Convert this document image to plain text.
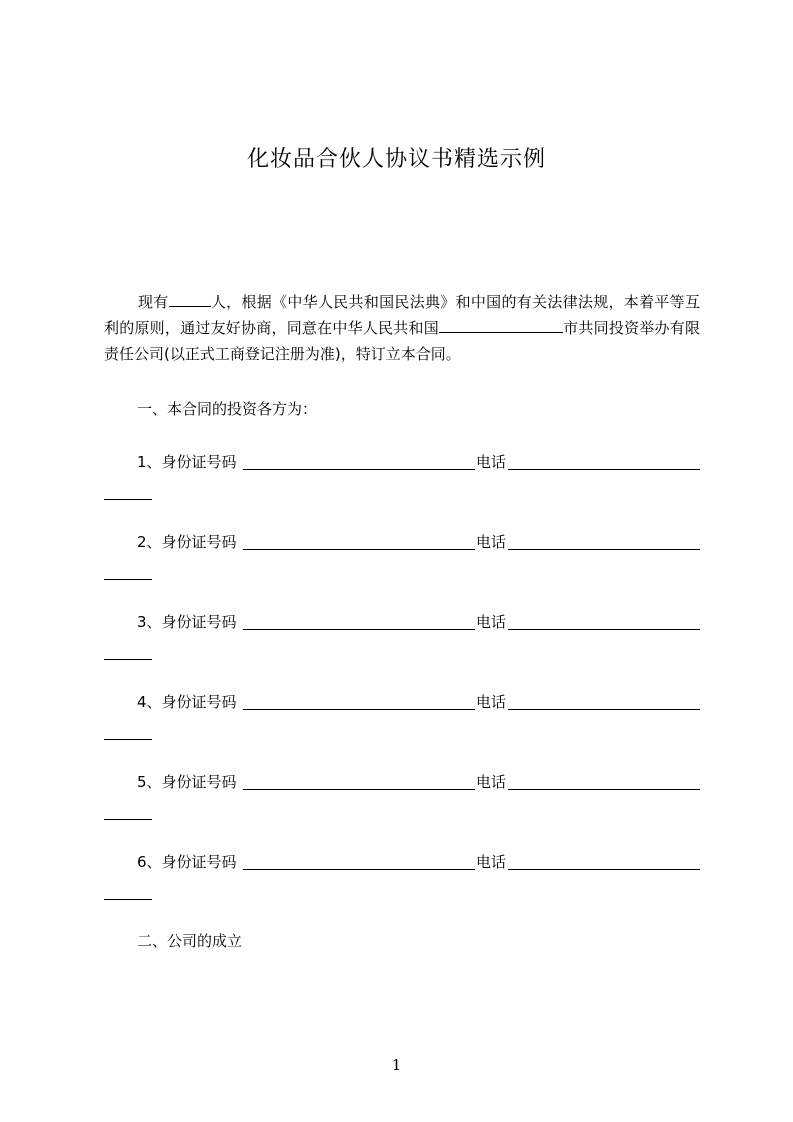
化妆品合伙人协议书精选示例
现有	人，根据《中华人民共和国民法典》和中国的有关法律法规，本着平等互利的原则，通过友好协商，同意在中华人民共和国	市共同投资举办有限责任公司(以正式工商登记注册为准)，特订立本合同。
一、本合同的投资各方为：
1、身份证号码	电话
2、身份证号码	电话
3、身份证号码	电话
4、身份证号码	电话
5、身份证号码	电话
6、身份证号码	电话
二、公司的成立
1
